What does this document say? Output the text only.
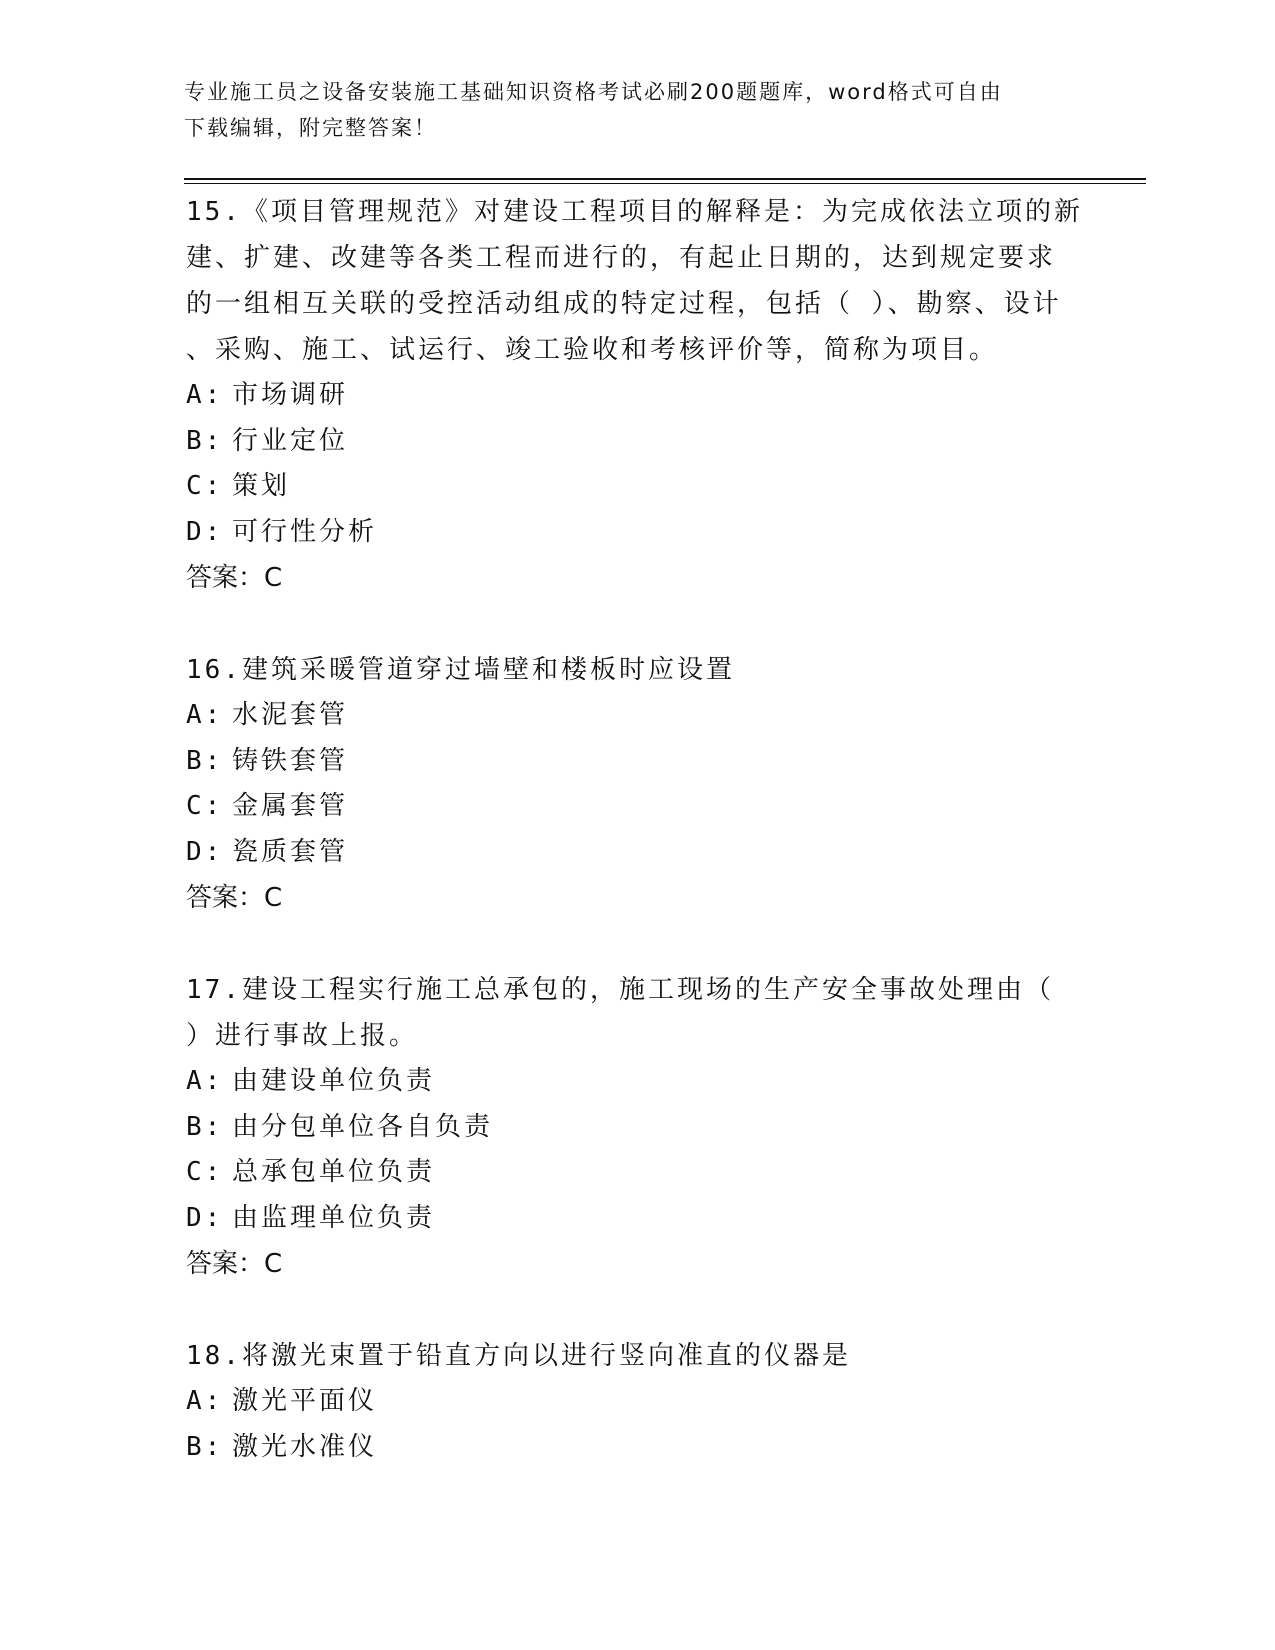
专业施工员之设备安装施工基础知识资格考试必刷200题题库，word格式可自由
下载编辑，附完整答案！

15.《项目管理规范》对建设工程项目的解释是：为完成依法立项的新

建、扩建、改建等各类工程而进行的，有起止日期的，达到规定要求

的一组相互关联的受控活动组成的特定过程，包括（ ）、勘察、设计

、采购、施工、试运行、竣工验收和考核评价等，简称为项目。

A: 市场调研
B: 行业定位
C: 策划
D: 可行性分析

答案：C

16.建筑采暖管道穿过墙壁和楼板时应设置

A: 水泥套管
B: 铸铁套管
C: 金属套管
D: 瓷质套管

答案：C

17.建设工程实行施工总承包的，施工现场的生产安全事故处理由（

）进行事故上报。

A: 由建设单位负责
B: 由分包单位各自负责
C: 总承包单位负责
D: 由监理单位负责

答案：C

18.将激光束置于铅直方向以进行竖向准直的仪器是

A: 激光平面仪
B: 激光水准仪
